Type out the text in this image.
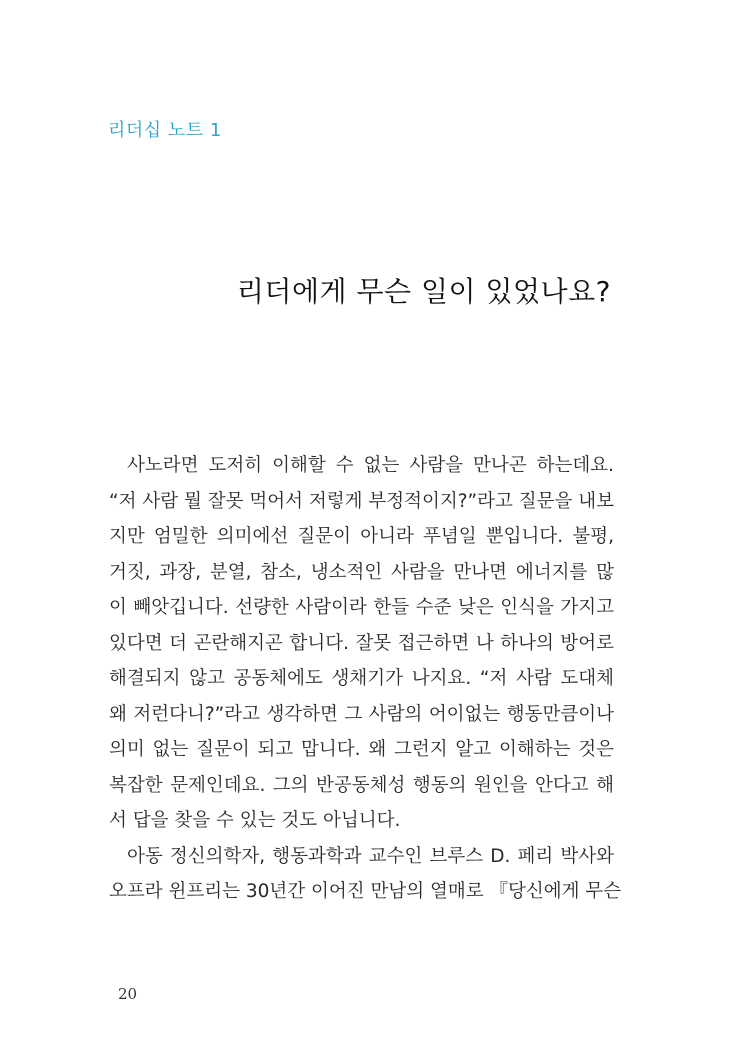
리더십 노트 1
리더에게 무슨 일이 있었나요?
사노라면 도저히 이해할 수 없는 사람을 만나곤 하는데요.
“저 사람 뭘 잘못 먹어서 저렇게 부정적이지?”라고 질문을 내보
지만 엄밀한 의미에선 질문이 아니라 푸념일 뿐입니다. 불평,
거짓, 과장, 분열, 참소, 냉소적인 사람을 만나면 에너지를 많
이 빼앗깁니다. 선량한 사람이라 한들 수준 낮은 인식을 가지고
있다면 더 곤란해지곤 합니다. 잘못 접근하면 나 하나의 방어로
해결되지 않고 공동체에도 생채기가 나지요. “저 사람 도대체
왜 저런다니?”라고 생각하면 그 사람의 어이없는 행동만큼이나
의미 없는 질문이 되고 맙니다. 왜 그런지 알고 이해하는 것은
복잡한 문제인데요. 그의 반공동체성 행동의 원인을 안다고 해
서 답을 찾을 수 있는 것도 아닙니다.
아동 정신의학자, 행동과학과 교수인 브루스 D. 페리 박사와
오프라 윈프리는 30년간 이어진 만남의 열매로 『당신에게 무슨
20
